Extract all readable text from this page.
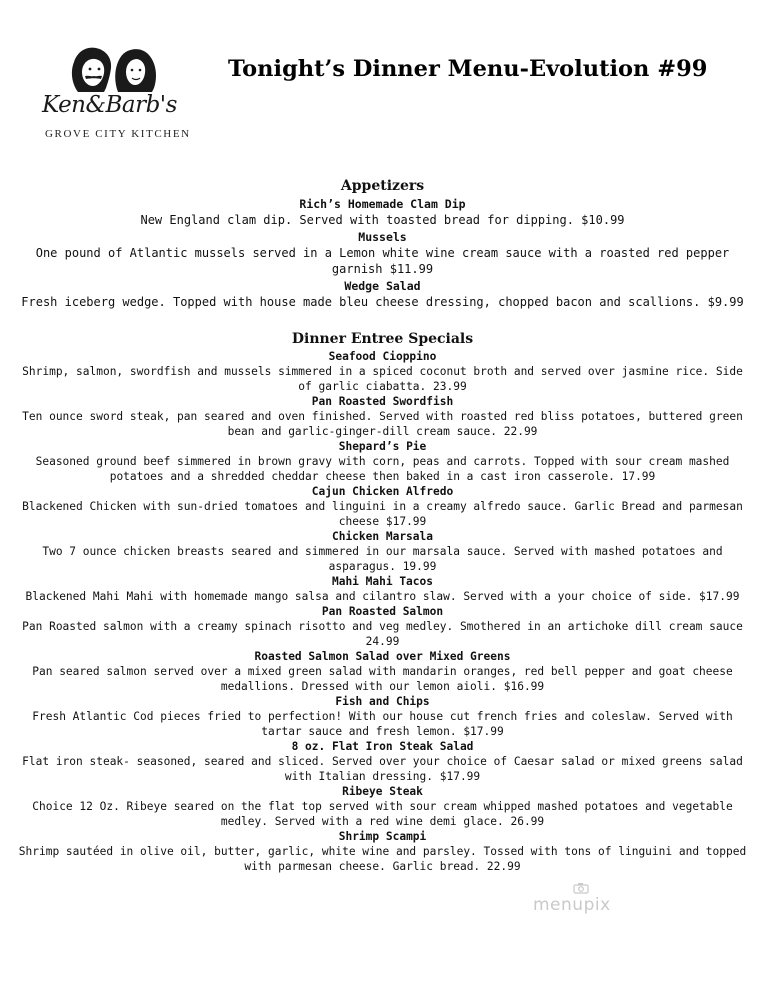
Ken&Barb's
GROVE CITY KITCHEN
Tonight’s Dinner Menu-Evolution #99
Appetizers
Rich’s Homemade Clam Dip
New England clam dip. Served with toasted bread for dipping. $10.99
Mussels
One pound of Atlantic mussels served in a Lemon white wine cream sauce with a roasted red pepper garnish $11.99
Wedge Salad
Fresh iceberg wedge. Topped with house made bleu cheese dressing, chopped bacon and scallions. $9.99
Dinner Entree Specials
Seafood Cioppino
Shrimp, salmon, swordfish and mussels simmered in a spiced coconut broth and served over jasmine rice. Side of garlic ciabatta. 23.99
Pan Roasted Swordfish
Ten ounce sword steak, pan seared and oven finished. Served with roasted red bliss potatoes, buttered green bean and garlic-ginger-dill cream sauce. 22.99
Shepard’s Pie
Seasoned ground beef simmered in brown gravy with corn, peas and carrots. Topped with sour cream mashed potatoes and a shredded cheddar cheese then baked in a cast iron casserole. 17.99
Cajun Chicken Alfredo
Blackened Chicken with sun-dried tomatoes and linguini in a creamy alfredo sauce. Garlic Bread and parmesan cheese $17.99
Chicken Marsala
Two 7 ounce chicken breasts seared and simmered in our marsala sauce. Served with mashed potatoes and asparagus. 19.99
Mahi Mahi Tacos
Blackened Mahi Mahi with homemade mango salsa and cilantro slaw. Served with a your choice of side. $17.99
Pan Roasted Salmon
Pan Roasted salmon with a creamy spinach risotto and veg medley. Smothered in an artichoke dill cream sauce 24.99
Roasted Salmon Salad over Mixed Greens
Pan seared salmon served over a mixed green salad with mandarin oranges, red bell pepper and goat cheese medallions. Dressed with our lemon aioli. $16.99
Fish and Chips
Fresh Atlantic Cod pieces fried to perfection! With our house cut french fries and coleslaw. Served with tartar sauce and fresh lemon. $17.99
8 oz. Flat Iron Steak Salad
Flat iron steak- seasoned, seared and sliced. Served over your choice of Caesar salad or mixed greens salad with Italian dressing. $17.99
Ribeye Steak
Choice 12 Oz. Ribeye seared on the flat top served with sour cream whipped mashed potatoes and vegetable medley. Served with a red wine demi glace. 26.99
Shrimp Scampi
Shrimp sautéed in olive oil, butter, garlic, white wine and parsley. Tossed with tons of linguini and topped with parmesan cheese. Garlic bread. 22.99
menupix
